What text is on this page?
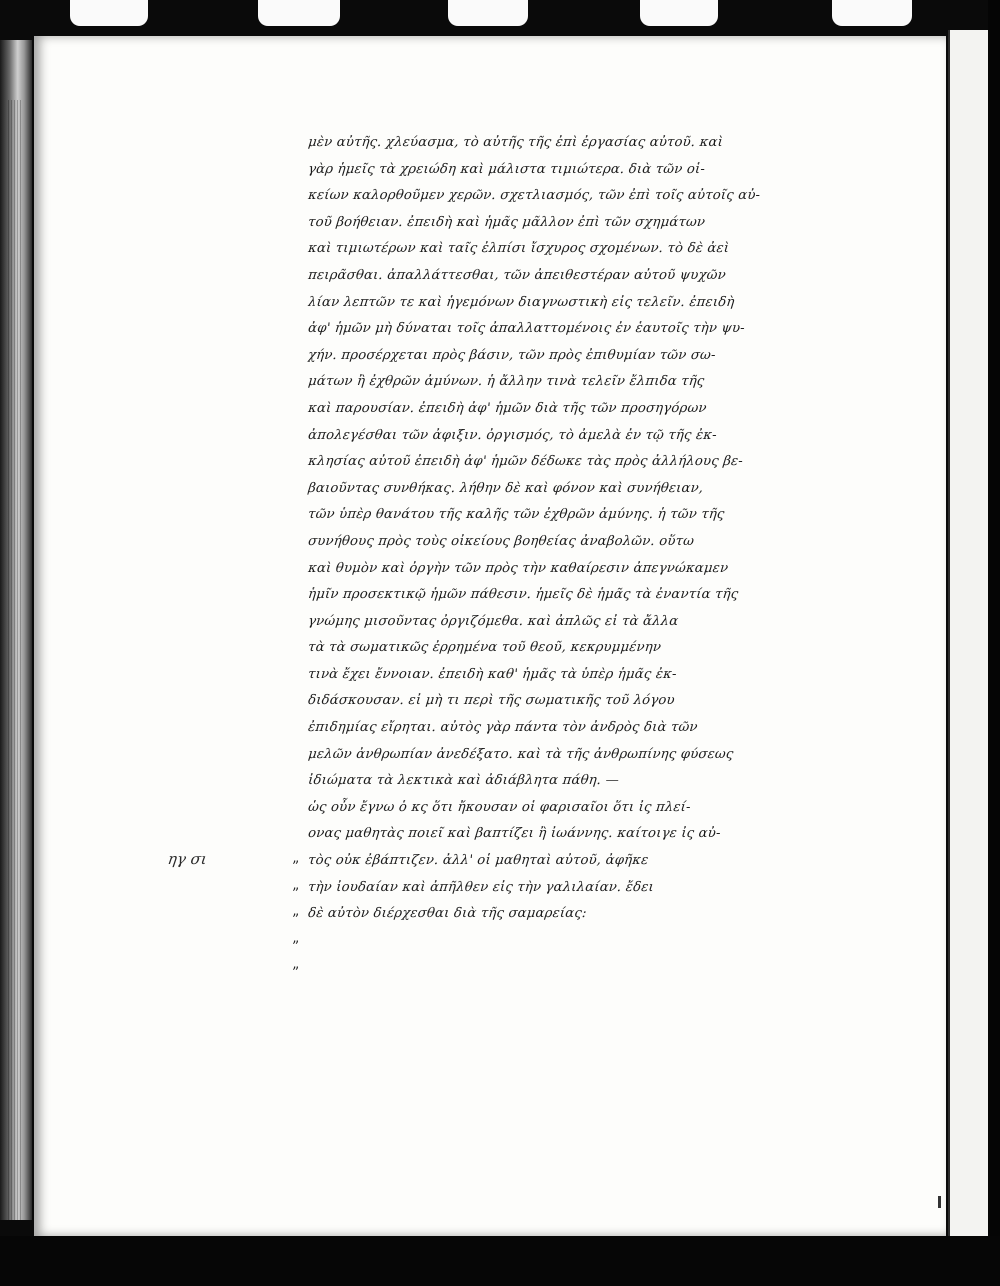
ηγ σι	”
”
”
”
”
μὲν αὐτῆς. χλεύασμα, τὸ αὐτῆς τῆς ἐπὶ ἐργασίας αὐτοῦ. καὶ
γὰρ ἡμεῖς τὰ χρειώδη καὶ μάλιστα τιμιώτερα. διὰ τῶν οἱ-
κείων καλορθοῦμεν χερῶν. σχετλιασμός, τῶν ἐπὶ τοῖς αὐτοῖς αὐ-
τοῦ βοήθειαν. ἐπειδὴ καὶ ἡμᾶς μᾶλλον ἐπὶ τῶν σχημάτων
καὶ τιμιωτέρων καὶ ταῖς ἐλπίσι ἴσχυρος σχομένων. τὸ δὲ ἀεὶ
πειρᾶσθαι. ἀπαλλάττεσθαι, τῶν ἀπειθεστέραν αὐτοῦ ψυχῶν
λίαν λεπτῶν τε καὶ ἡγεμόνων διαγνωστικὴ εἰς τελεῖν. ἐπειδὴ
ἀφ' ἡμῶν μὴ δύναται τοῖς ἀπαλλαττομένοις ἐν ἑαυτοῖς τὴν ψυ-
χήν. προσέρχεται πρὸς βάσιν, τῶν πρὸς ἐπιθυμίαν τῶν σω-
μάτων ἢ ἐχθρῶν ἀμύνων. ἡ ἄλλην τινὰ τελεῖν ἔλπιδα τῆς
καὶ παρουσίαν. ἐπειδὴ ἀφ' ἡμῶν διὰ τῆς τῶν προσηγόρων
ἀπολεγέσθαι τῶν ἀφιξιν. ὀργισμός, τὸ ἀμελὰ ἐν τῷ τῆς ἐκ-
κλησίας αὐτοῦ ἐπειδὴ ἀφ' ἡμῶν δέδωκε τὰς πρὸς ἀλλήλους βε-
βαιοῦντας συνθήκας. λήθην δὲ καὶ φόνον καὶ συνήθειαν,
τῶν ὑπὲρ θανάτου τῆς καλῆς τῶν ἐχθρῶν ἀμύνης. ἡ τῶν τῆς
συνήθους πρὸς τοὺς οἰκείους βοηθείας ἀναβολῶν. οὕτω
καὶ θυμὸν καὶ ὀργὴν τῶν πρὸς τὴν καθαίρεσιν ἀπεγνώκαμεν
ἡμῖν προσεκτικῷ ἡμῶν πάθεσιν. ἡμεῖς δὲ ἡμᾶς τὰ ἐναντία τῆς
γνώμης μισοῦντας ὀργιζόμεθα. καὶ ἀπλῶς εἰ τὰ ἄλλα
τὰ τὰ σωματικῶς ἐρρημένα τοῦ θεοῦ, κεκρυμμένην
τινὰ ἔχει ἔννοιαν. ἐπειδὴ καθ' ἡμᾶς τὰ ὑπὲρ ἡμᾶς ἐκ-
διδάσκουσαν. εἰ μὴ τι περὶ τῆς σωματικῆς τοῦ λόγου
ἐπιδημίας εἴρηται. αὐτὸς γὰρ πάντα τὸν ἀνδρὸς διὰ τῶν
μελῶν ἀνθρωπίαν ἀνεδέξατο. καὶ τὰ τῆς ἀνθρωπίνης φύσεως
ἰδιώματα τὰ λεκτικὰ καὶ ἀδιάβλητα πάθη. —
ὡς οὖν ἔγνω ὁ κς ὅτι ἤκουσαν οἱ φαρισαῖοι ὅτι ἰς πλεί-
ονας μαθητὰς ποιεῖ καὶ βαπτίζει ἢ ἰωάννης. καίτοιγε ἰς αὐ-
τὸς οὐκ ἐβάπτιζεν. ἀλλ' οἱ μαθηταὶ αὐτοῦ, ἀφῆκε
τὴν ἰουδαίαν καὶ ἀπῆλθεν εἰς τὴν γαλιλαίαν. ἔδει
δὲ αὐτὸν διέρχεσθαι διὰ τῆς σαμαρείας:
